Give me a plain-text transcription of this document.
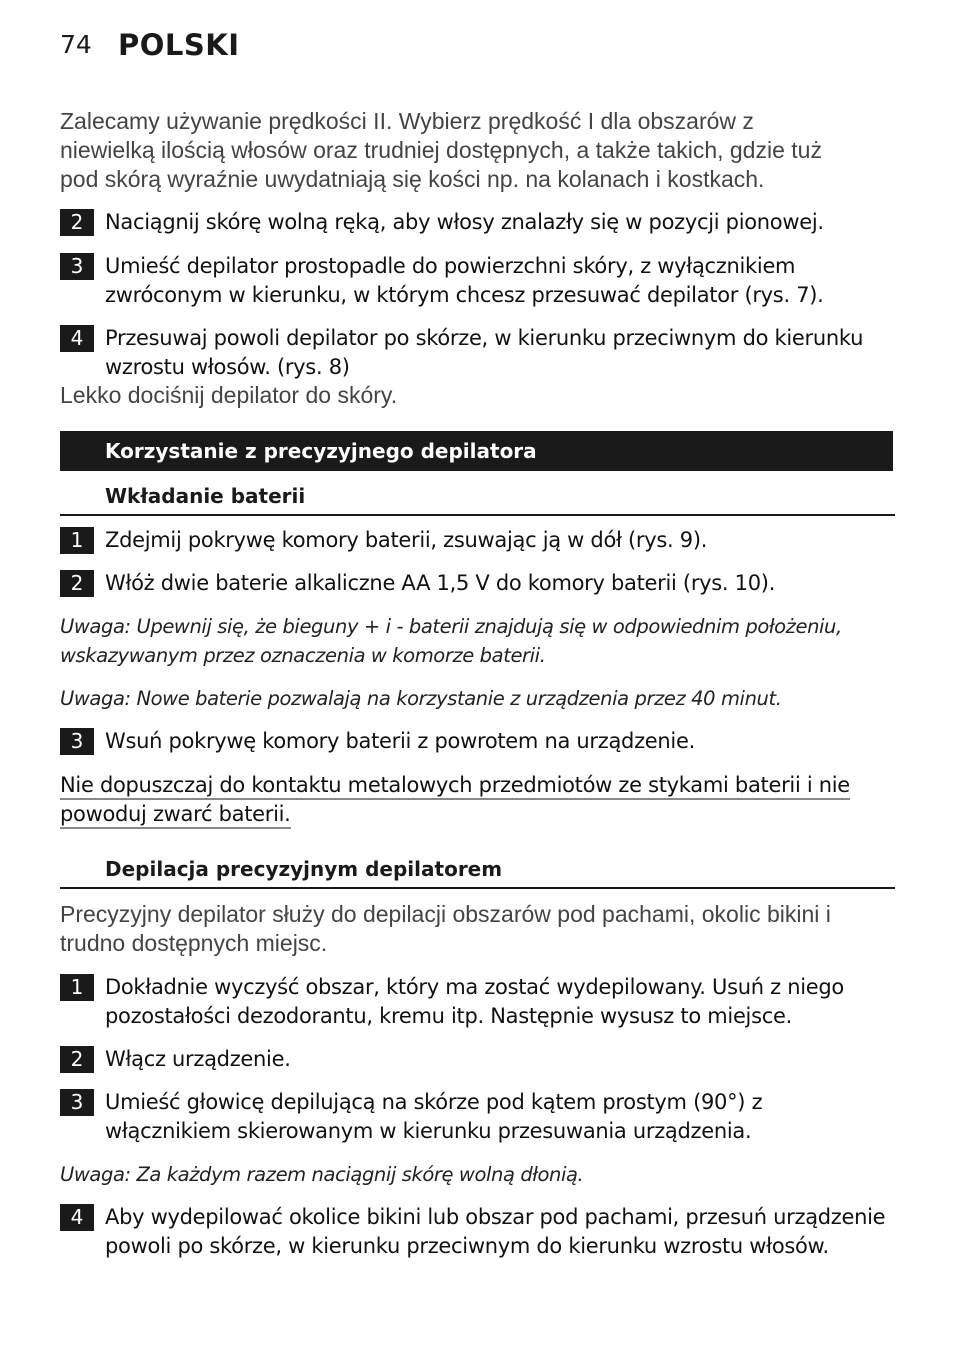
74 POLSKI
Zalecamy używanie prędkości II. Wybierz prędkość I dla obszarów z niewielką ilością włosów oraz trudniej dostępnych, a także takich, gdzie tuż pod skórą wyraźnie uwydatniają się kości np. na kolanach i kostkach.
2	Naciągnij skórę wolną ręką, aby włosy znalazły się w pozycji pionowej.
3	Umieść depilator prostopadle do powierzchni skóry, z wyłącznikiem zwróconym w kierunku, w którym chcesz przesuwać depilator (rys. 7).
4	Przesuwaj powoli depilator po skórze, w kierunku przeciwnym do kierunku wzrostu włosów. (rys. 8)
Lekko dociśnij depilator do skóry.
Korzystanie z precyzyjnego depilatora
Wkładanie baterii
1	Zdejmij pokrywę komory baterii, zsuwając ją w dół (rys. 9).
2	Włóż dwie baterie alkaliczne AA 1,5 V do komory baterii (rys. 10).
Uwaga: Upewnij się, że bieguny + i - baterii znajdują się w odpowiednim położeniu, wskazywanym przez oznaczenia w komorze baterii.
Uwaga: Nowe baterie pozwalają na korzystanie z urządzenia przez 40 minut.
3	Wsuń pokrywę komory baterii z powrotem na urządzenie.
Nie dopuszczaj do kontaktu metalowych przedmiotów ze stykami baterii i nie
powoduj zwarć baterii.
Depilacja precyzyjnym depilatorem
Precyzyjny depilator służy do depilacji obszarów pod pachami, okolic bikini i trudno dostępnych miejsc.
1	Dokładnie wyczyść obszar, który ma zostać wydepilowany. Usuń z niego pozostałości dezodorantu, kremu itp. Następnie wysusz to miejsce.
2	Włącz urządzenie.
3	Umieść głowicę depilującą na skórze pod kątem prostym (90°) z włącznikiem skierowanym w kierunku przesuwania urządzenia.
Uwaga: Za każdym razem naciągnij skórę wolną dłonią.
4	Aby wydepilować okolice bikini lub obszar pod pachami, przesuń urządzenie powoli po skórze, w kierunku przeciwnym do kierunku wzrostu włosów.
